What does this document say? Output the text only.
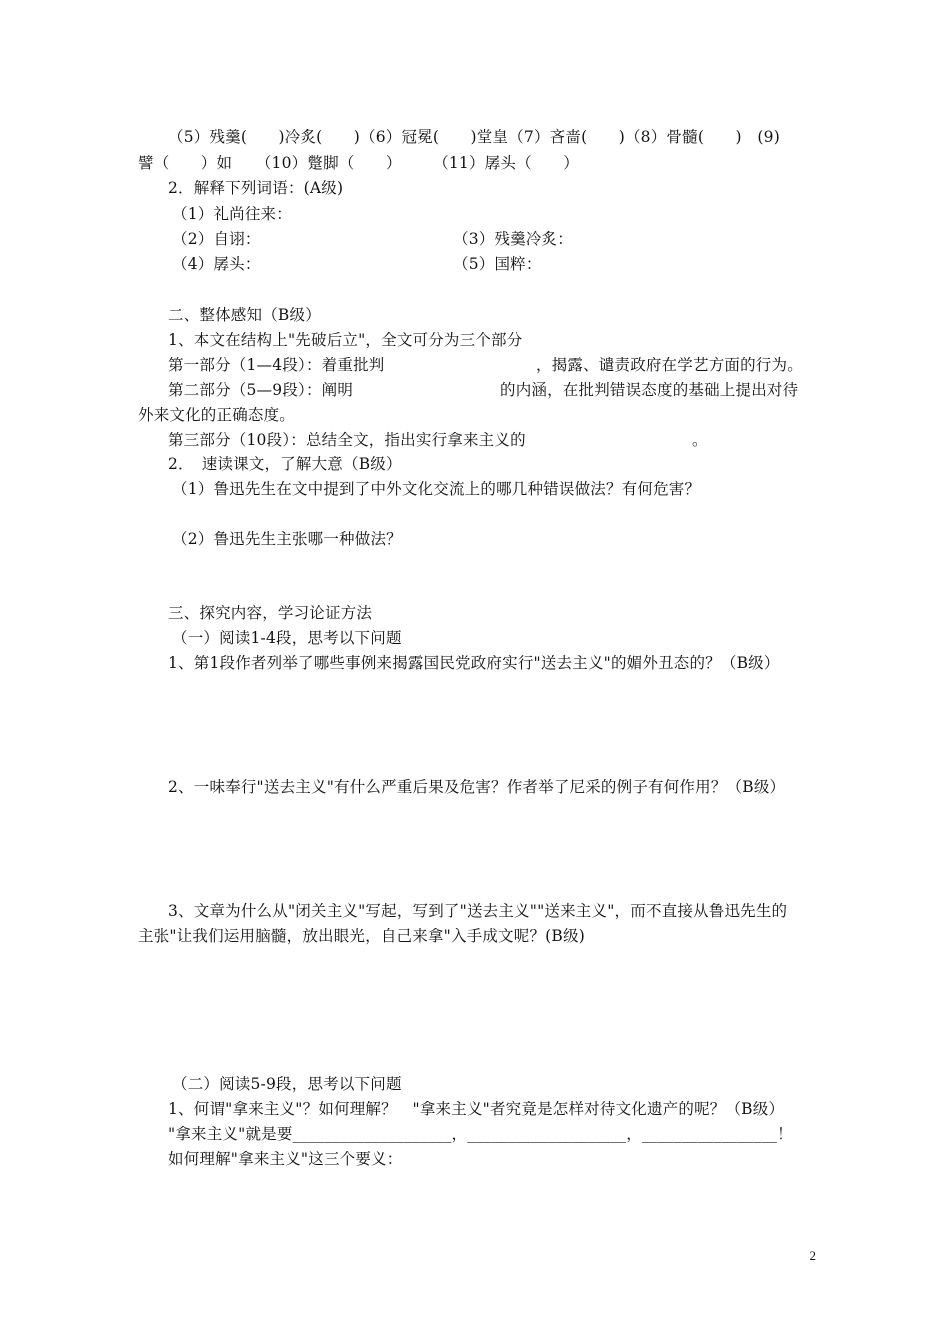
（5）残羹(　　)冷炙(　　)（6）冠冕(　　)堂皇（7）吝啬(　　)（8）骨髓(　　)　(9)
譬（　　）如　　（10）蹩脚（　　）　　　（11）孱头（　　）
2．解释下列词语：(A级)
（1）礼尚往来：
（2）自诩：	（3）残羹冷炙：
（4）孱头：	（5）国粹：
二、整体感知（B级）
1、本文在结构上"先破后立"，全文可分为三个部分
第一部分（1—4段）：着重批判	，揭露、谴责政府在学艺方面的行为。
第二部分（5—9段）：阐明	的内涵，在批判错误态度的基础上提出对待
外来文化的正确态度。
第三部分（10段）：总结全文，指出实行拿来主义的	。
2．　速读课文，了解大意（B级）
（1）鲁迅先生在文中提到了中外文化交流上的哪几种错误做法？有何危害？
（2）鲁迅先生主张哪一种做法？
三、探究内容，学习论证方法
（一）阅读1-4段，思考以下问题
1、第1段作者列举了哪些事例来揭露国民党政府实行"送去主义"的媚外丑态的？（B级）
2、一味奉行"送去主义"有什么严重后果及危害？作者举了尼采的例子有何作用？（B级）
3、文章为什么从"闭关主义"写起，写到了"送去主义""送来主义"，而不直接从鲁迅先生的
主张"让我们运用脑髓，放出眼光，自己来拿"入手成文呢？(B级)
（二）阅读5-9段，思考以下问题
1、何谓"拿来主义"？如何理解？　"拿来主义"者究竟是怎样对待文化遗产的呢？（B级）
"拿来主义"就是要____________________，____________________，_________________！
如何理解"拿来主义"这三个要义：
2
